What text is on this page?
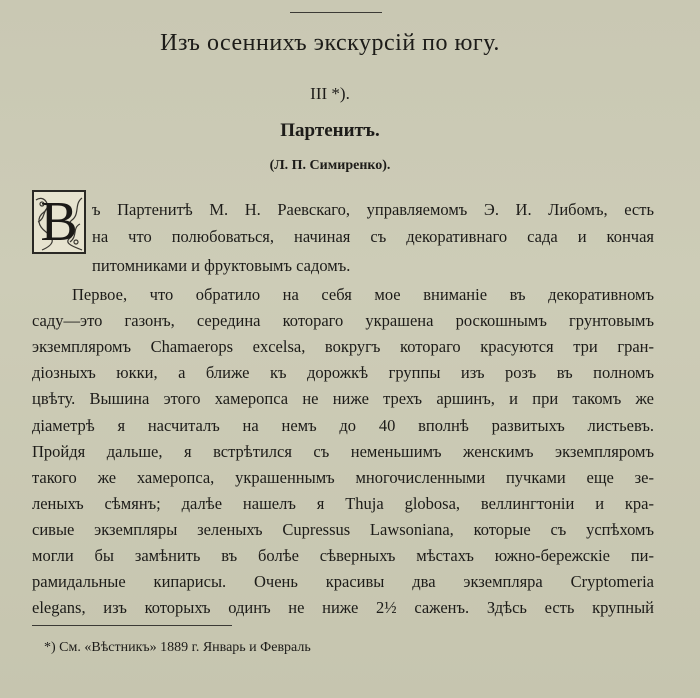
Изъ осеннихъ экскурсій по югу.
III *).
Партенитъ.
(Л. П. Симиренко).
В ъ Партенитѣ М. Н. Раевскаго, управляемомъ Э. И. Либомъ, есть
на что полюбоваться, начиная съ декоративнаго сада и кончая
питомниками и фруктовымъ садомъ.
Первое, что обратило на себя мое вниманіе въ декоративномъ
саду—это газонъ, середина котораго украшена роскошнымъ грунтовымъ
экземпляромъ Chamaerops excelsa, вокругъ котораго красуются три гран-
діозныхъ юкки, а ближе къ дорожкѣ группы изъ розъ въ полномъ
цвѣту. Вышина этого хамеропса не ниже трехъ аршинъ, и при такомъ же
діаметрѣ я насчиталъ на немъ до 40 вполнѣ развитыхъ листьевъ.
Пройдя дальше, я встрѣтился съ неменьшимъ женскимъ экземпляромъ
такого же хамеропса, украшеннымъ многочисленными пучками еще зе-
леныхъ сѣмянъ; далѣе нашелъ я Thuja globosa, веллингтоніи и кра-
сивые экземпляры зеленыхъ Cupressus Lawsoniana, которые съ успѣхомъ
могли бы замѣнить въ болѣе сѣверныхъ мѣстахъ южно-бережскіе пи-
*) См. «Вѣстникъ» 1889 г. Январь и Февраль
рамидальные кипарисы. Очень красивы два экземпляра Cryptomeria
elegans, изъ которыхъ одинъ не ниже 2½ саженъ. Здѣсь есть крупный
